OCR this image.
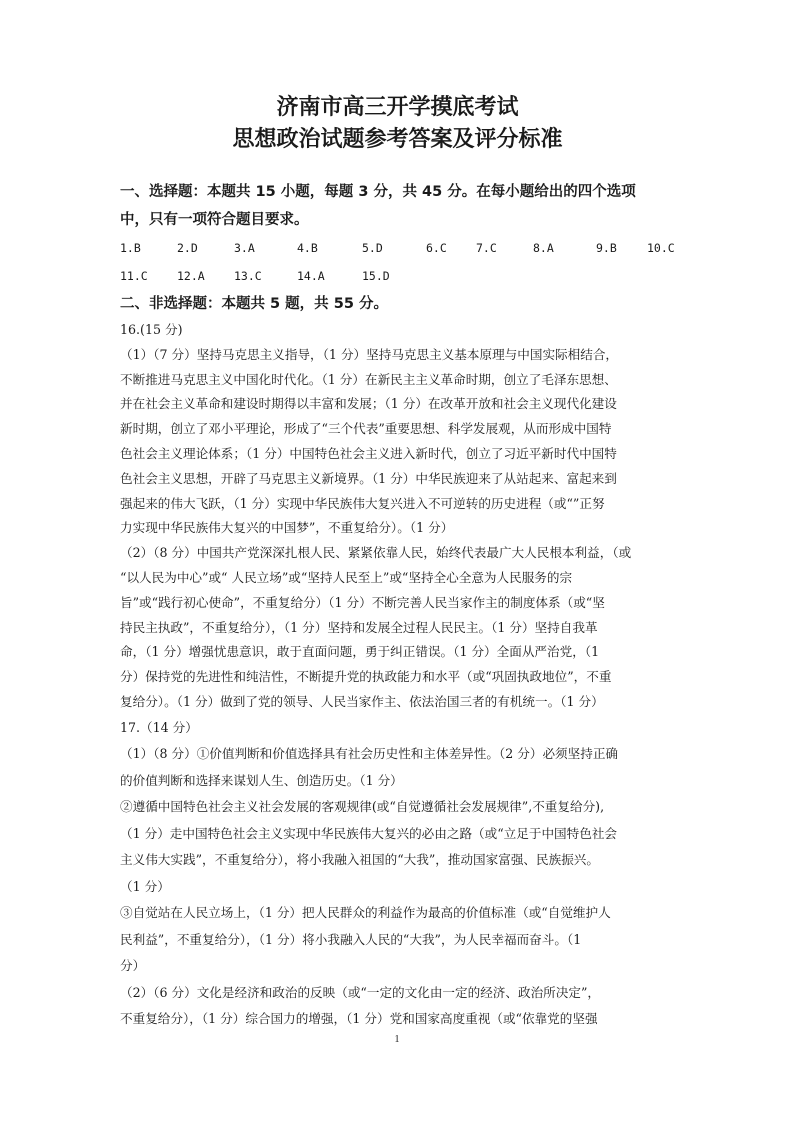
济南市高三开学摸底考试
思想政治试题参考答案及评分标准
一、选择题：本题共 15 小题，每题 3 分，共 45 分。在每小题给出的四个选项
中，只有一项符合题目要求。
1.B	2.D	3.A	4.B	5.D	6.C	7.C	8.A	9.B	10.C
11.C	12.A	13.C	14.A	15.D
二、非选择题：本题共 5 题，共 55 分。

16.(15 分)

（1）（7 分）坚持马克思主义指导，（1 分）坚持马克思主义基本原理与中国实际相结合，

不断推进马克思主义中国化时代化。（1 分）在新民主主义革命时期，创立了毛泽东思想、

并在社会主义革命和建设时期得以丰富和发展；（1 分）在改革开放和社会主义现代化建设

新时期，创立了邓小平理论，形成了“三个代表”重要思想、科学发展观，从而形成中国特

色社会主义理论体系；（1 分）中国特色社会主义进入新时代，创立了习近平新时代中国特

色社会主义思想，开辟了马克思主义新境界。（1 分）中华民族迎来了从站起来、富起来到

强起来的伟大飞跃，（1 分）实现中华民族伟大复兴进入不可逆转的历史进程（或“”正努

力实现中华民族伟大复兴的中国梦”，不重复给分）。（1 分）

（2）（8 分）中国共产党深深扎根人民、紧紧依靠人民，始终代表最广大人民根本利益，（或

“以人民为中心”或“ 人民立场”或“坚持人民至上”或“坚持全心全意为人民服务的宗

旨”或“践行初心使命”，不重复给分）（1 分）不断完善人民当家作主的制度体系（或“坚

持民主执政”，不重复给分），（1 分）坚持和发展全过程人民民主。（1 分）坚持自我革

命，（1 分）增强忧患意识，敢于直面问题，勇于纠正错误。（1 分）全面从严治党，（1

分）保持党的先进性和纯洁性，不断提升党的执政能力和水平（或“巩固执政地位”，不重

复给分）。（1 分）做到了党的领导、人民当家作主、依法治国三者的有机统一。（1 分）

17.（14 分）

（1）（8 分）①价值判断和价值选择具有社会历史性和主体差异性。（2 分）必须坚持正确

的价值判断和选择来谋划人生、创造历史。（1 分）

②遵循中国特色社会主义社会发展的客观规律(或“自觉遵循社会发展规律”,不重复给分),

（1 分）走中国特色社会主义实现中华民族伟大复兴的必由之路（或“立足于中国特色社会

主义伟大实践”，不重复给分），将小我融入祖国的“大我”，推动国家富强、民族振兴。

（1 分）

③自觉站在人民立场上，（1 分）把人民群众的利益作为最高的价值标准（或“自觉维护人

民利益”，不重复给分），（1 分）将小我融入人民的“大我”，为人民幸福而奋斗。（1

分）

（2）（6 分）文化是经济和政治的反映（或“一定的文化由一定的经济、政治所决定”，

不重复给分），（1 分）综合国力的增强，（1 分）党和国家高度重视（或“依靠党的坚强

1
